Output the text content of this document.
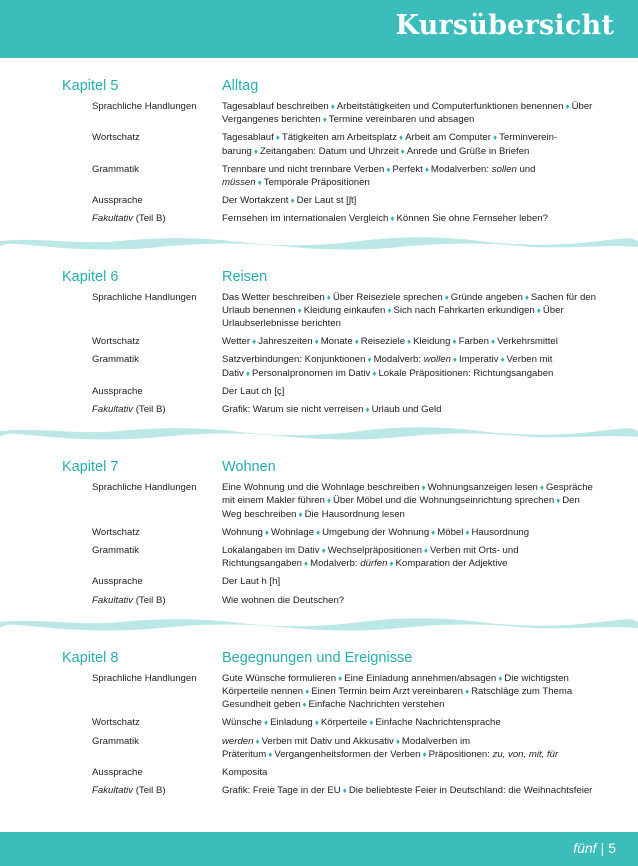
Kursübersicht
Kapitel 5	Alltag
Sprachliche Handlungen	Tagesablauf beschreiben ♦ Arbeitstätigkeiten und Computerfunktionen benennen ♦ Über Vergangenes berichten ♦ Termine vereinbaren und absagen
Wortschatz	Tagesablauf ♦ Tätigkeiten am Arbeitsplatz ♦ Arbeit am Computer ♦ Terminvereinbarung ♦ Zeitangaben: Datum und Uhrzeit ♦ Anrede und Grüße in Briefen
Grammatik	Trennbare und nicht trennbare Verben ♦ Perfekt ♦ Modalverben: sollen und müssen ♦ Temporale Präpositionen
Aussprache	Der Wortakzent ♦ Der Laut st [ʃt]
Fakultativ (Teil B)	Fernsehen im internationalen Vergleich ♦ Können Sie ohne Fernseher leben?
Kapitel 6	Reisen
Sprachliche Handlungen	Das Wetter beschreiben ♦ Über Reiseziele sprechen ♦ Gründe angeben ♦ Sachen für den Urlaub benennen ♦ Kleidung einkaufen ♦ Sich nach Fahrkarten erkundigen ♦ Über Urlaubserlebnisse berichten
Wortschatz	Wetter ♦ Jahreszeiten ♦ Monate ♦ Reiseziele ♦ Kleidung ♦ Farben ♦ Verkehrsmittel
Grammatik	Satzverbindungen: Konjunktionen ♦ Modalverb: wollen ♦ Imperativ ♦ Verben mit Dativ ♦ Personalpronomen im Dativ ♦ Lokale Präpositionen: Richtungsangaben
Aussprache	Der Laut ch [ç]
Fakultativ (Teil B)	Grafik: Warum sie nicht verreisen ♦ Urlaub und Geld
Kapitel 7	Wohnen
Sprachliche Handlungen	Eine Wohnung und die Wohnlage beschreiben ♦ Wohnungsanzeigen lesen ♦ Gespräche mit einem Makler führen ♦ Über Möbel und die Wohnungseinrichtung sprechen ♦ Den Weg beschreiben ♦ Die Hausordnung lesen
Wortschatz	Wohnung ♦ Wohnlage ♦ Umgebung der Wohnung ♦ Möbel ♦ Hausordnung
Grammatik	Lokalangaben im Dativ ♦ Wechselpräpositionen ♦ Verben mit Orts- und Richtungsangaben ♦ Modalverb: dürfen ♦ Komparation der Adjektive
Aussprache	Der Laut h [h]
Fakultativ (Teil B)	Wie wohnen die Deutschen?
Kapitel 8	Begegnungen und Ereignisse
Sprachliche Handlungen	Gute Wünsche formulieren ♦ Eine Einladung annehmen/absagen ♦ Die wichtigsten Körperteile nennen ♦ Einen Termin beim Arzt vereinbaren ♦ Ratschläge zum Thema Gesundheit geben ♦ Einfache Nachrichten verstehen
Wortschatz	Wünsche ♦ Einladung ♦ Körperteile ♦ Einfache Nachrichtensprache
Grammatik	werden ♦ Verben mit Dativ und Akkusativ ♦ Modalverben im Präteritum ♦ Vergangenheitsformen der Verben ♦ Präpositionen: zu, von, mit, für
Aussprache	Komposita
Fakultativ (Teil B)	Grafik: Freie Tage in der EU ♦ Die beliebteste Feier in Deutschland: die Weihnachtsfeier
fünf | 5
